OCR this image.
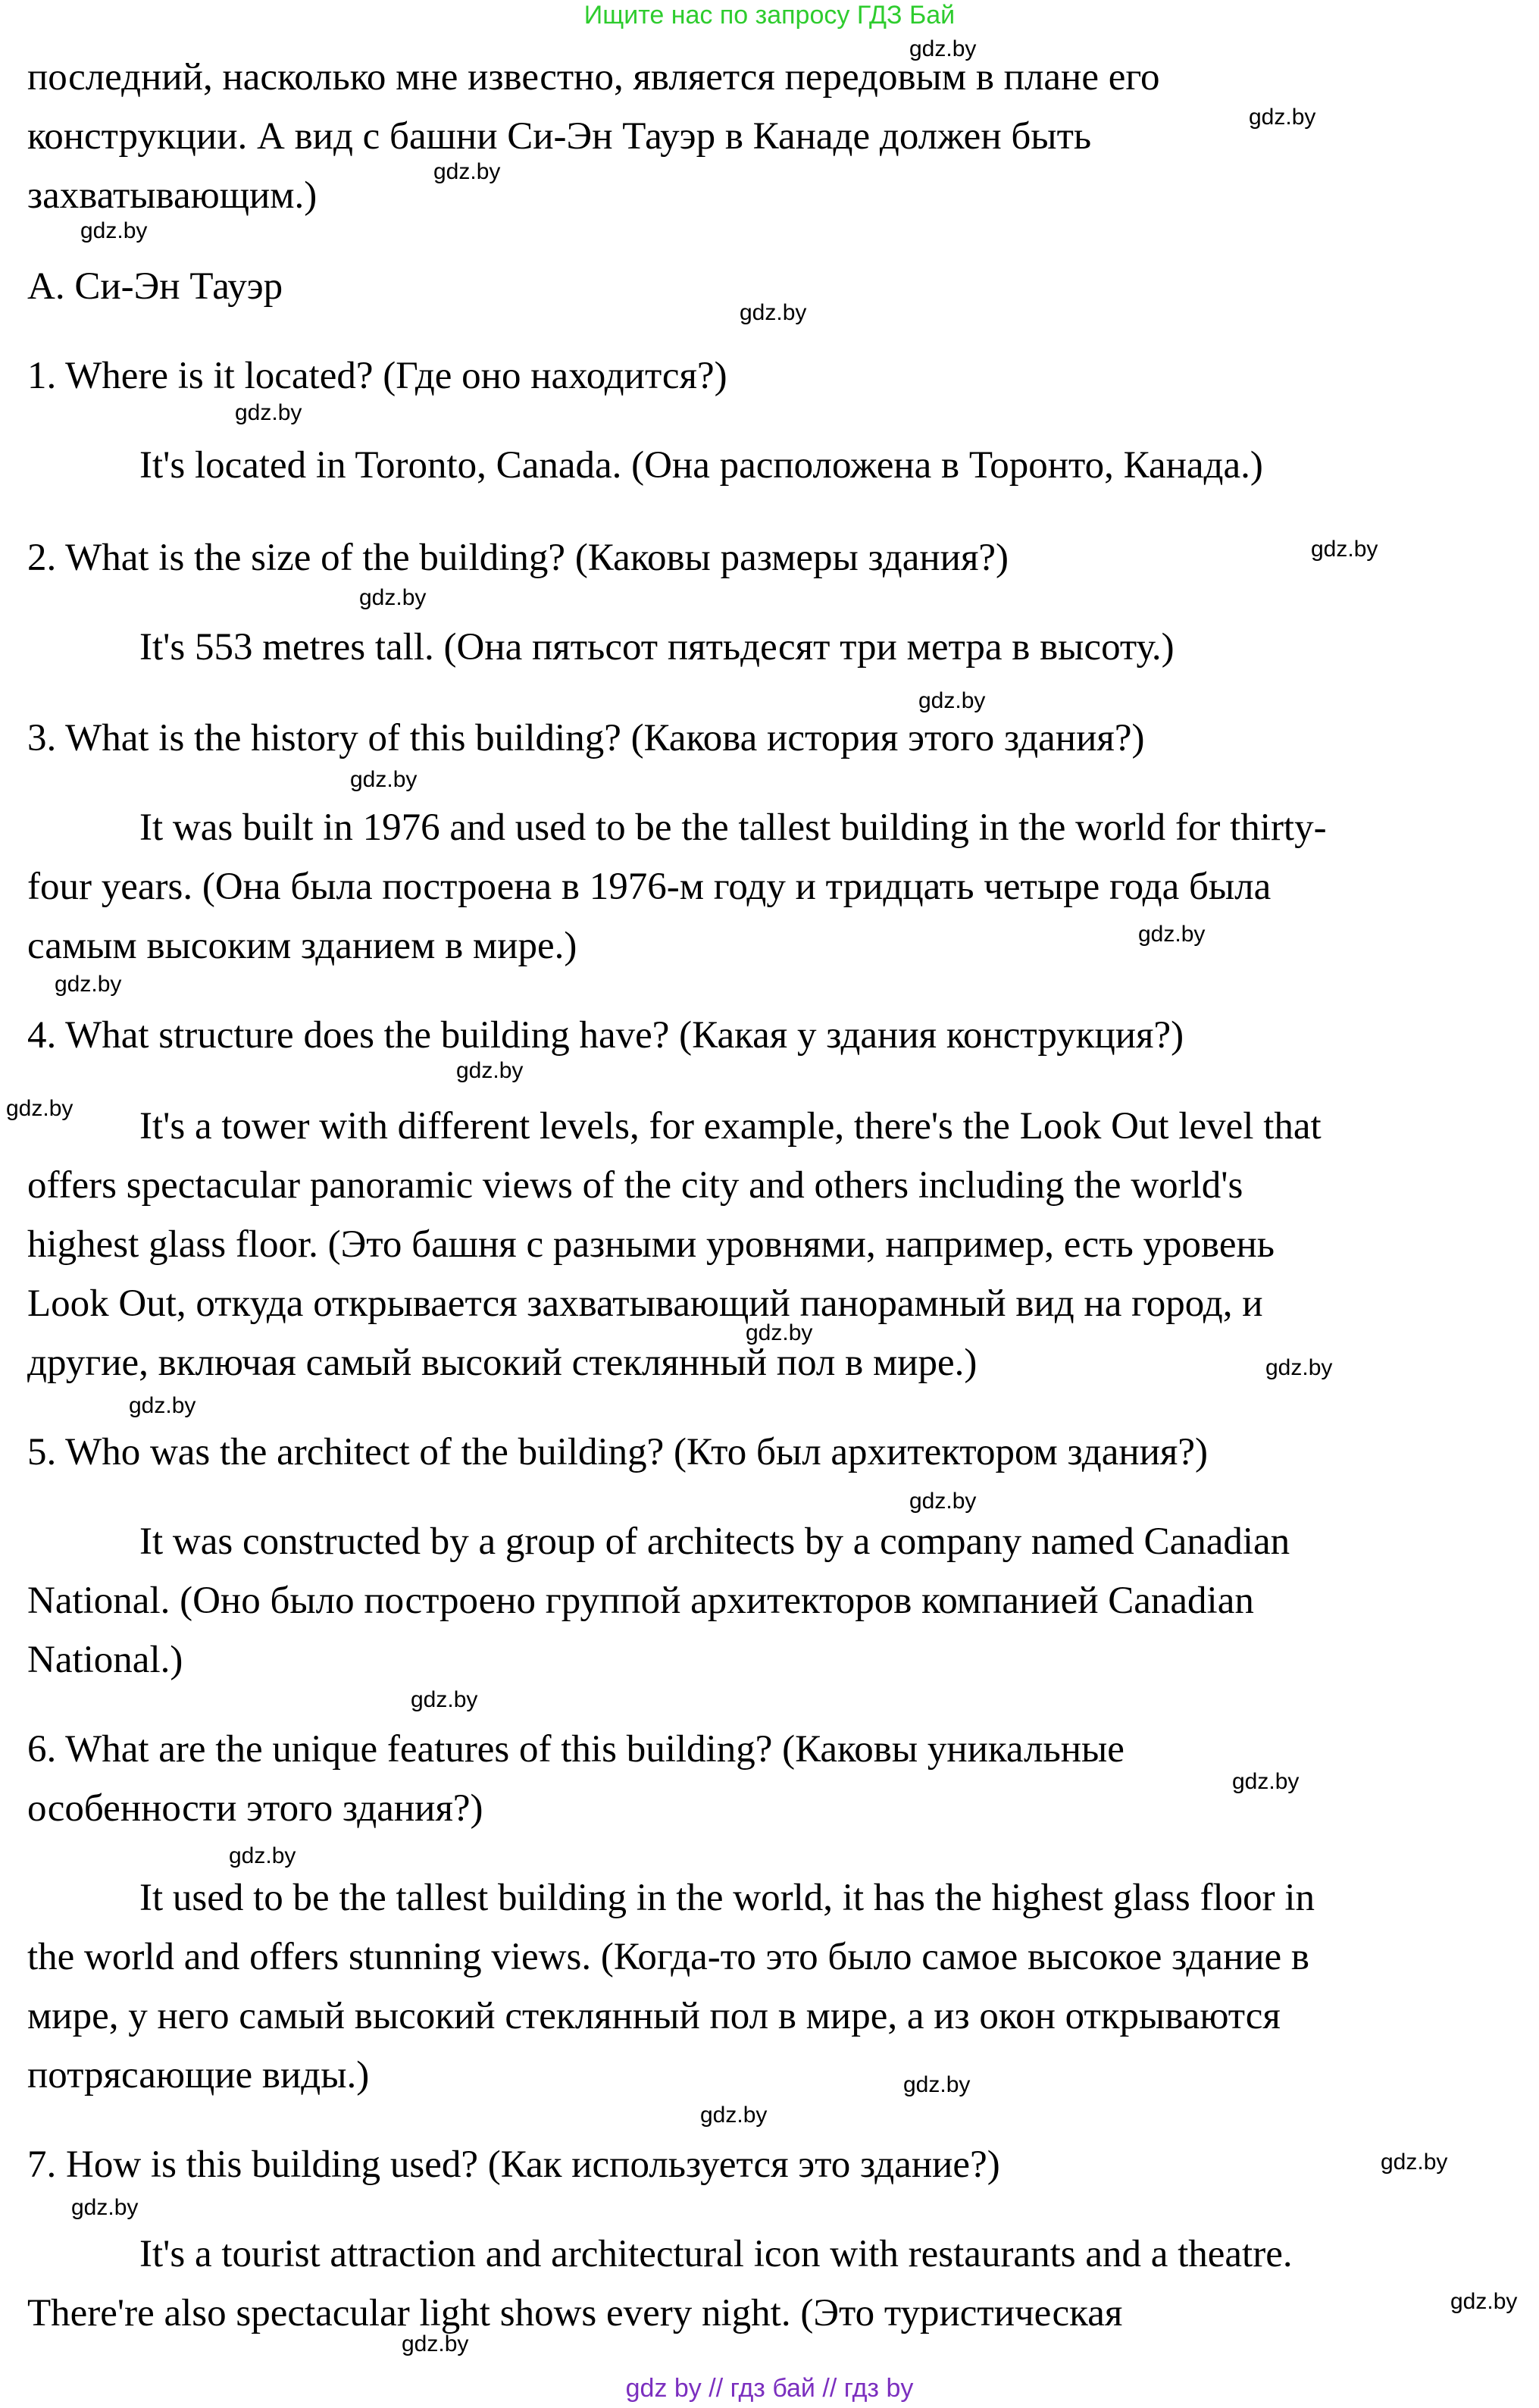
Ищите нас по запросу ГДЗ Бай
последний, насколько мне известно, является передовым в плане его
конструкции. А вид с башни Си-Эн Тауэр в Канаде должен быть
захватывающим.)
A. Си-Эн Тауэр
1. Where is it located? (Где оно находится?)
It's located in Toronto, Canada. (Она расположена в Торонто, Канада.)
2. What is the size of the building? (Каковы размеры здания?)
It's 553 metres tall. (Она пятьсот пятьдесят три метра в высоту.)
3. What is the history of this building? (Какова история этого здания?)
It was built in 1976 and used to be the tallest building in the world for thirty-
four years. (Она была построена в 1976-м году и тридцать четыре года была
самым высоким зданием в мире.)
4. What structure does the building have? (Какая у здания конструкция?)
It's a tower with different levels, for example, there's the Look Out level that
offers spectacular panoramic views of the city and others including the world's
highest glass floor. (Это башня с разными уровнями, например, есть уровень
Look Out, откуда открывается захватывающий панорамный вид на город, и
другие, включая самый высокий стеклянный пол в мире.)
5. Who was the architect of the building? (Кто был архитектором здания?)
It was constructed by a group of architects by a company named Canadian
National. (Оно было построено группой архитекторов компанией Canadian
National.)
6. What are the unique features of this building? (Каковы уникальные
особенности этого здания?)
It used to be the tallest building in the world, it has the highest glass floor in
the world and offers stunning views. (Когда-то это было самое высокое здание в
мире, у него самый высокий стеклянный пол в мире, а из окон открываются
потрясающие виды.)
7. How is this building used? (Как используется это здание?)
It's a tourist attraction and architectural icon with restaurants and a theatre.
There're also spectacular light shows every night. (Это туристическая
gdz.by
gdz.by
gdz.by
gdz.by
gdz.by
gdz.by
gdz.by
gdz.by
gdz.by
gdz.by
gdz.by
gdz.by
gdz.by
gdz.by
gdz.by
gdz.by
gdz.by
gdz.by
gdz.by
gdz.by
gdz.by
gdz.by
gdz.by
gdz.by
gdz.by
gdz.by
gdz.by
gdz by // гдз бай // гдз by
